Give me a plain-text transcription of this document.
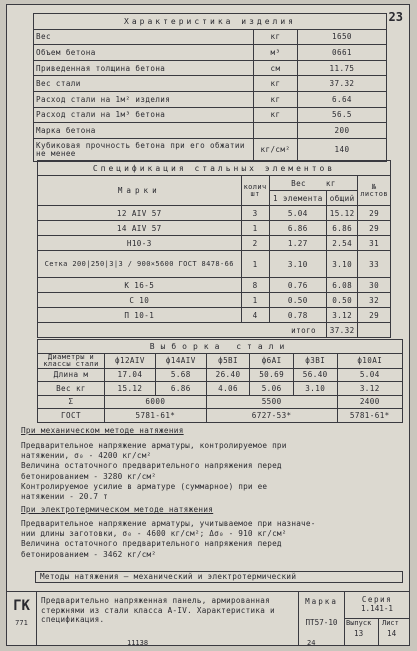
23
Характеристика изделия		
Вес	кг	1650
Объем бетона	м³	0661
Приведенная толщина бетона	см	11.75
Вес стали	кг	37.32
Расход стали на 1м² изделия	кг	6.64
Расход стали на 1м³ бетона	кг	56.5
Марка бетона		200
Кубиковая прочность бетона при его обжатии не менее	кг/см²	140
Спецификация стальных элементов				
Марки	колич шт	Вес кг		№ листов
		1 элемента	общий	
12 AIV 57	3	5.04	15.12	29
14 AIV 57	1	6.86	6.86	29
Н10-3	2	1.27	2.54	31
Сетка 200|250|3|3 / 900×5600 ГОСТ 8478-66	1	3.10	3.10	33
К 16-5	8	0.76	6.08	30
С 10	1	0.50	0.50	32
П 10-1	4	0.78	3.12	29
итого			37.32	
Выборка стали						
Диаметры и классы стали	ф12AIV	ф14AIV	ф5BI	ф6AI	ф3BI	ф10AI
Длина м	17.04	5.68	26.40	50.69	56.40	5.04
Вес кг	15.12	6.86	4.06	5.06	3.10	3.12
Σ	6000		5500			2400
ГОСТ	5781-61*		6727-53*			5781-61*
При механическом методе натяжения
Предварительное напряжение арматуры, контролируемое при
натяжении, σ₀ - 4200 кг/см²
Величина остаточного предварительного напряжения перед
бетонированием - 3280 кг/см²
Контролируемое усилие в арматуре (суммарное) при ее
натяжении - 20.7 т
При электротермическом методе натяжения
Предварительное напряжение арматуры, учитываемое при назначе-
нии длины заготовки, σ₀ - 4600 кг/см²; Δσ₀ - 910 кг/см²
Величина остаточного предварительного напряжения перед
бетонированием - 3462 кг/см²
Методы натяжения — механический и электротермический
ГК
771
Предварительно напряженная панель, армированная стержнями из стали класса A-IV. Характеристика и спецификация.
Марка
ПТ57-10
Серия
1.141-1
Выпуск
13
Лист
14
11138	24
